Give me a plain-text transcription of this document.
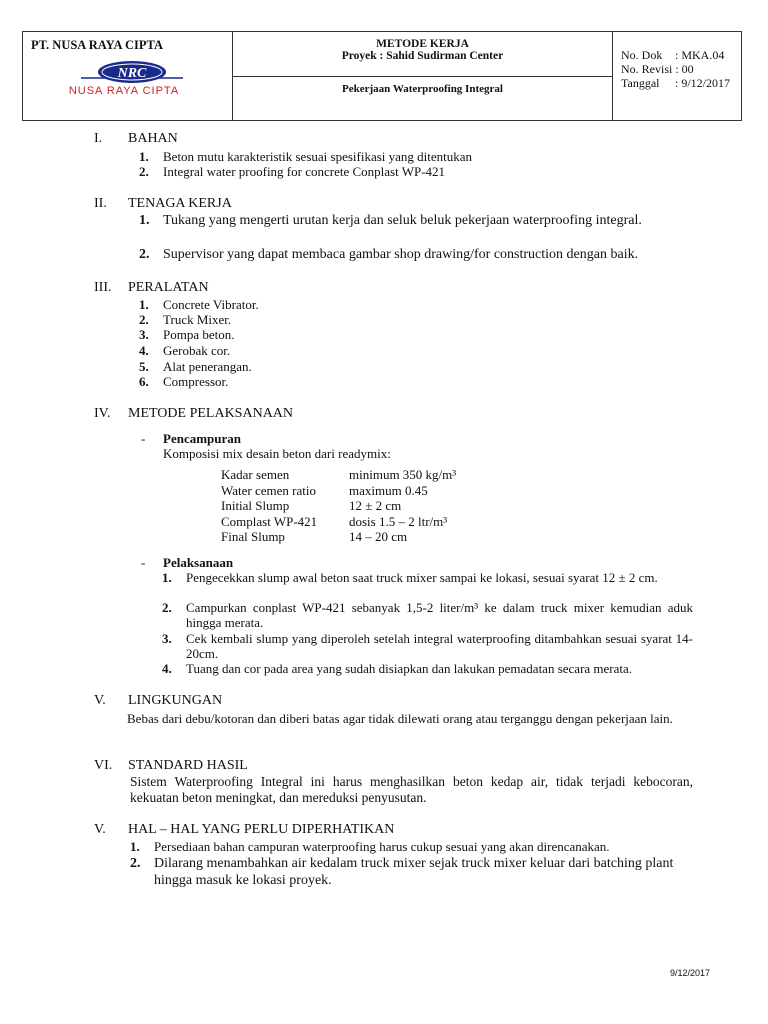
PT. NUSA RAYA CIPTA
NRC
NUSA RAYA CIPTA
METODE KERJA
Proyek : Sahid Sudirman Center
Pekerjaan Waterproofing Integral
No. Dok : MKA.04
No. Revisi : 00
Tanggal : 9/12/2017
I.	BAHAN
1. Beton mutu karakteristik sesuai spesifikasi yang ditentukan
2. Integral water proofing for concrete Conplast WP-421
II.	TENAGA KERJA
1. Tukang yang mengerti urutan kerja dan seluk beluk pekerjaan waterproofing integral.
2. Supervisor yang dapat membaca gambar shop drawing/for construction dengan baik.
III.	PERALATAN
1. Concrete Vibrator.
2. Truck Mixer.
3. Pompa beton.
4. Gerobak cor.
5. Alat penerangan.
6. Compressor.
IV.	METODE PELAKSANAAN
- Pencampuran
Komposisi mix desain beton dari readymix:
Kadar semen	minimum 350 kg/m³
Water cemen ratio	maximum 0.45
Initial Slump	12 ± 2 cm
Complast WP-421 dosis 1.5 – 2 ltr/m³
Final Slump	14 – 20 cm
- Pelaksanaan
1. Pengecekkan slump awal beton saat truck mixer sampai ke lokasi, sesuai syarat 12 ± 2 cm.
2. Campurkan conplast WP-421 sebanyak 1,5-2 liter/m³ ke dalam truck mixer kemudian aduk hingga merata.
3. Cek kembali slump yang diperoleh setelah integral waterproofing ditambahkan sesuai syarat 14-20cm.
4. Tuang dan cor pada area yang sudah disiapkan dan lakukan pemadatan secara merata.
V.	LINGKUNGAN
Bebas dari debu/kotoran dan diberi batas agar tidak dilewati orang atau terganggu dengan pekerjaan lain.
VI.	STANDARD HASIL
Sistem Waterproofing Integral ini harus menghasilkan beton kedap air, tidak terjadi kebocoran, kekuatan beton meningkat, dan mereduksi penyusutan.
V.	HAL – HAL YANG PERLU DIPERHATIKAN
1. Persediaan bahan campuran waterproofing harus cukup sesuai yang akan direncanakan.
2. Dilarang menambahkan air kedalam truck mixer sejak truck mixer keluar dari batching plant hingga masuk ke lokasi proyek.
9/12/2017
